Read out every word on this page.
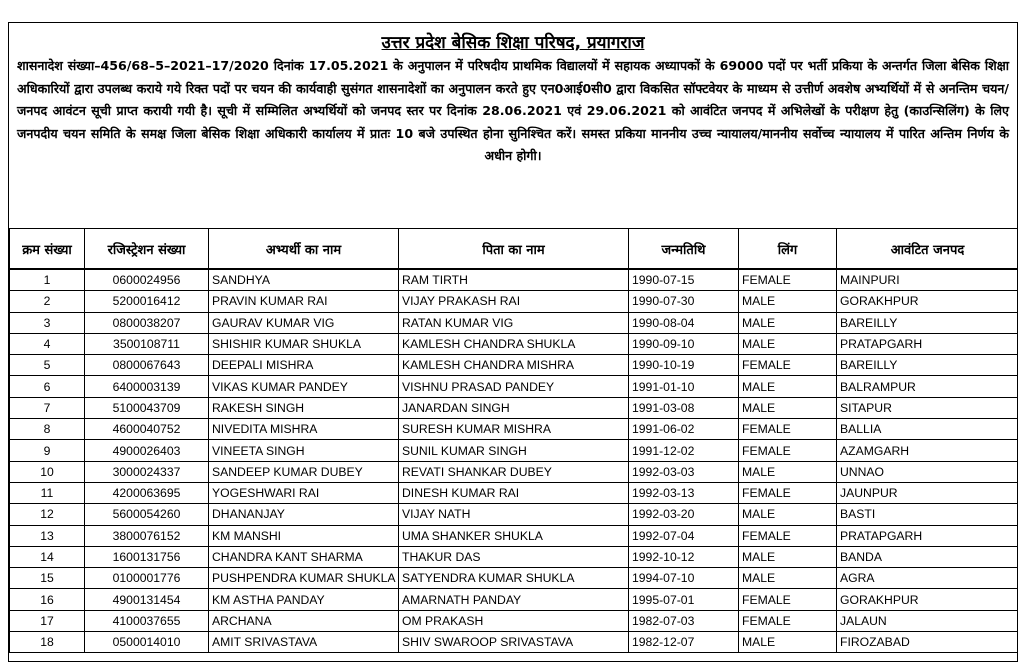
उत्तर प्रदेश बेसिक शिक्षा परिषद, प्रयागराज

शासनादेश संख्या–456/68–5–2021–17/2020 दिनांक 17.05.2021 के अनुपालन में परिषदीय प्राथमिक विद्यालयों में सहायक अध्यापकों के 69000 पदों पर भर्ती प्रकिया के अन्तर्गत जिला बेसिक शिक्षा अधिकारियों द्वारा उपलब्ध कराये गये रिक्त पदों पर चयन की कार्यवाही सुसंगत शासनादेशों का अनुपालन करते हुए एन0आई0सी0 द्वारा विकसित सॉफ्टवेयर के माध्यम से उत्तीर्ण अवशेष अभ्यर्थियों में से अनन्तिम चयन/जनपद आवंटन सूची प्राप्त करायी गयी है। सूची में सम्मिलित अभ्यर्थियों को जनपद स्तर पर दिनांक 28.06.2021 एवं 29.06.2021 को आवंटित जनपद में अभिलेखों के परीक्षण हेतु (काउन्सिलिंग) के लिए जनपदीय चयन समिति के समक्ष जिला बेसिक शिक्षा अधिकारी कार्यालय में प्रातः 10 बजे उपस्थित होना सुनिश्चित करें। समस्त प्रकिया माननीय उच्च न्यायालय/माननीय सर्वोच्च न्यायालय में पारित अन्तिम निर्णय के अधीन होगी।

क्रम संख्या	रजिस्ट्रेशन संख्या	अभ्यर्थी का नाम	पिता का नाम	जन्मतिथि	लिंग	आवंटित जनपद
1	0600024956	SANDHYA	RAM TIRTH	1990-07-15	FEMALE	MAINPURI
2	5200016412	PRAVIN KUMAR RAI	VIJAY PRAKASH RAI	1990-07-30	MALE	GORAKHPUR
3	0800038207	GAURAV KUMAR VIG	RATAN KUMAR VIG	1990-08-04	MALE	BAREILLY
4	3500108711	SHISHIR KUMAR SHUKLA	KAMLESH CHANDRA SHUKLA	1990-09-10	MALE	PRATAPGARH
5	0800067643	DEEPALI MISHRA	KAMLESH CHANDRA MISHRA	1990-10-19	FEMALE	BAREILLY
6	6400003139	VIKAS KUMAR PANDEY	VISHNU PRASAD PANDEY	1991-01-10	MALE	BALRAMPUR
7	5100043709	RAKESH SINGH	JANARDAN SINGH	1991-03-08	MALE	SITAPUR
8	4600040752	NIVEDITA MISHRA	SURESH KUMAR MISHRA	1991-06-02	FEMALE	BALLIA
9	4900026403	VINEETA SINGH	SUNIL KUMAR SINGH	1991-12-02	FEMALE	AZAMGARH
10	3000024337	SANDEEP KUMAR DUBEY	REVATI SHANKAR DUBEY	1992-03-03	MALE	UNNAO
11	4200063695	YOGESHWARI RAI	DINESH KUMAR RAI	1992-03-13	FEMALE	JAUNPUR
12	5600054260	DHANANJAY	VIJAY NATH	1992-03-20	MALE	BASTI
13	3800076152	KM MANSHI	UMA SHANKER SHUKLA	1992-07-04	FEMALE	PRATAPGARH
14	1600131756	CHANDRA KANT SHARMA	THAKUR DAS	1992-10-12	MALE	BANDA
15	0100001776	PUSHPENDRA KUMAR SHUKLA	SATYENDRA KUMAR SHUKLA	1994-07-10	MALE	AGRA
16	4900131454	KM ASTHA PANDAY	AMARNATH PANDAY	1995-07-01	FEMALE	GORAKHPUR
17	4100037655	ARCHANA	OM PRAKASH	1982-07-03	FEMALE	JALAUN
18	0500014010	AMIT SRIVASTAVA	SHIV SWAROOP SRIVASTAVA	1982-12-07	MALE	FIROZABAD
